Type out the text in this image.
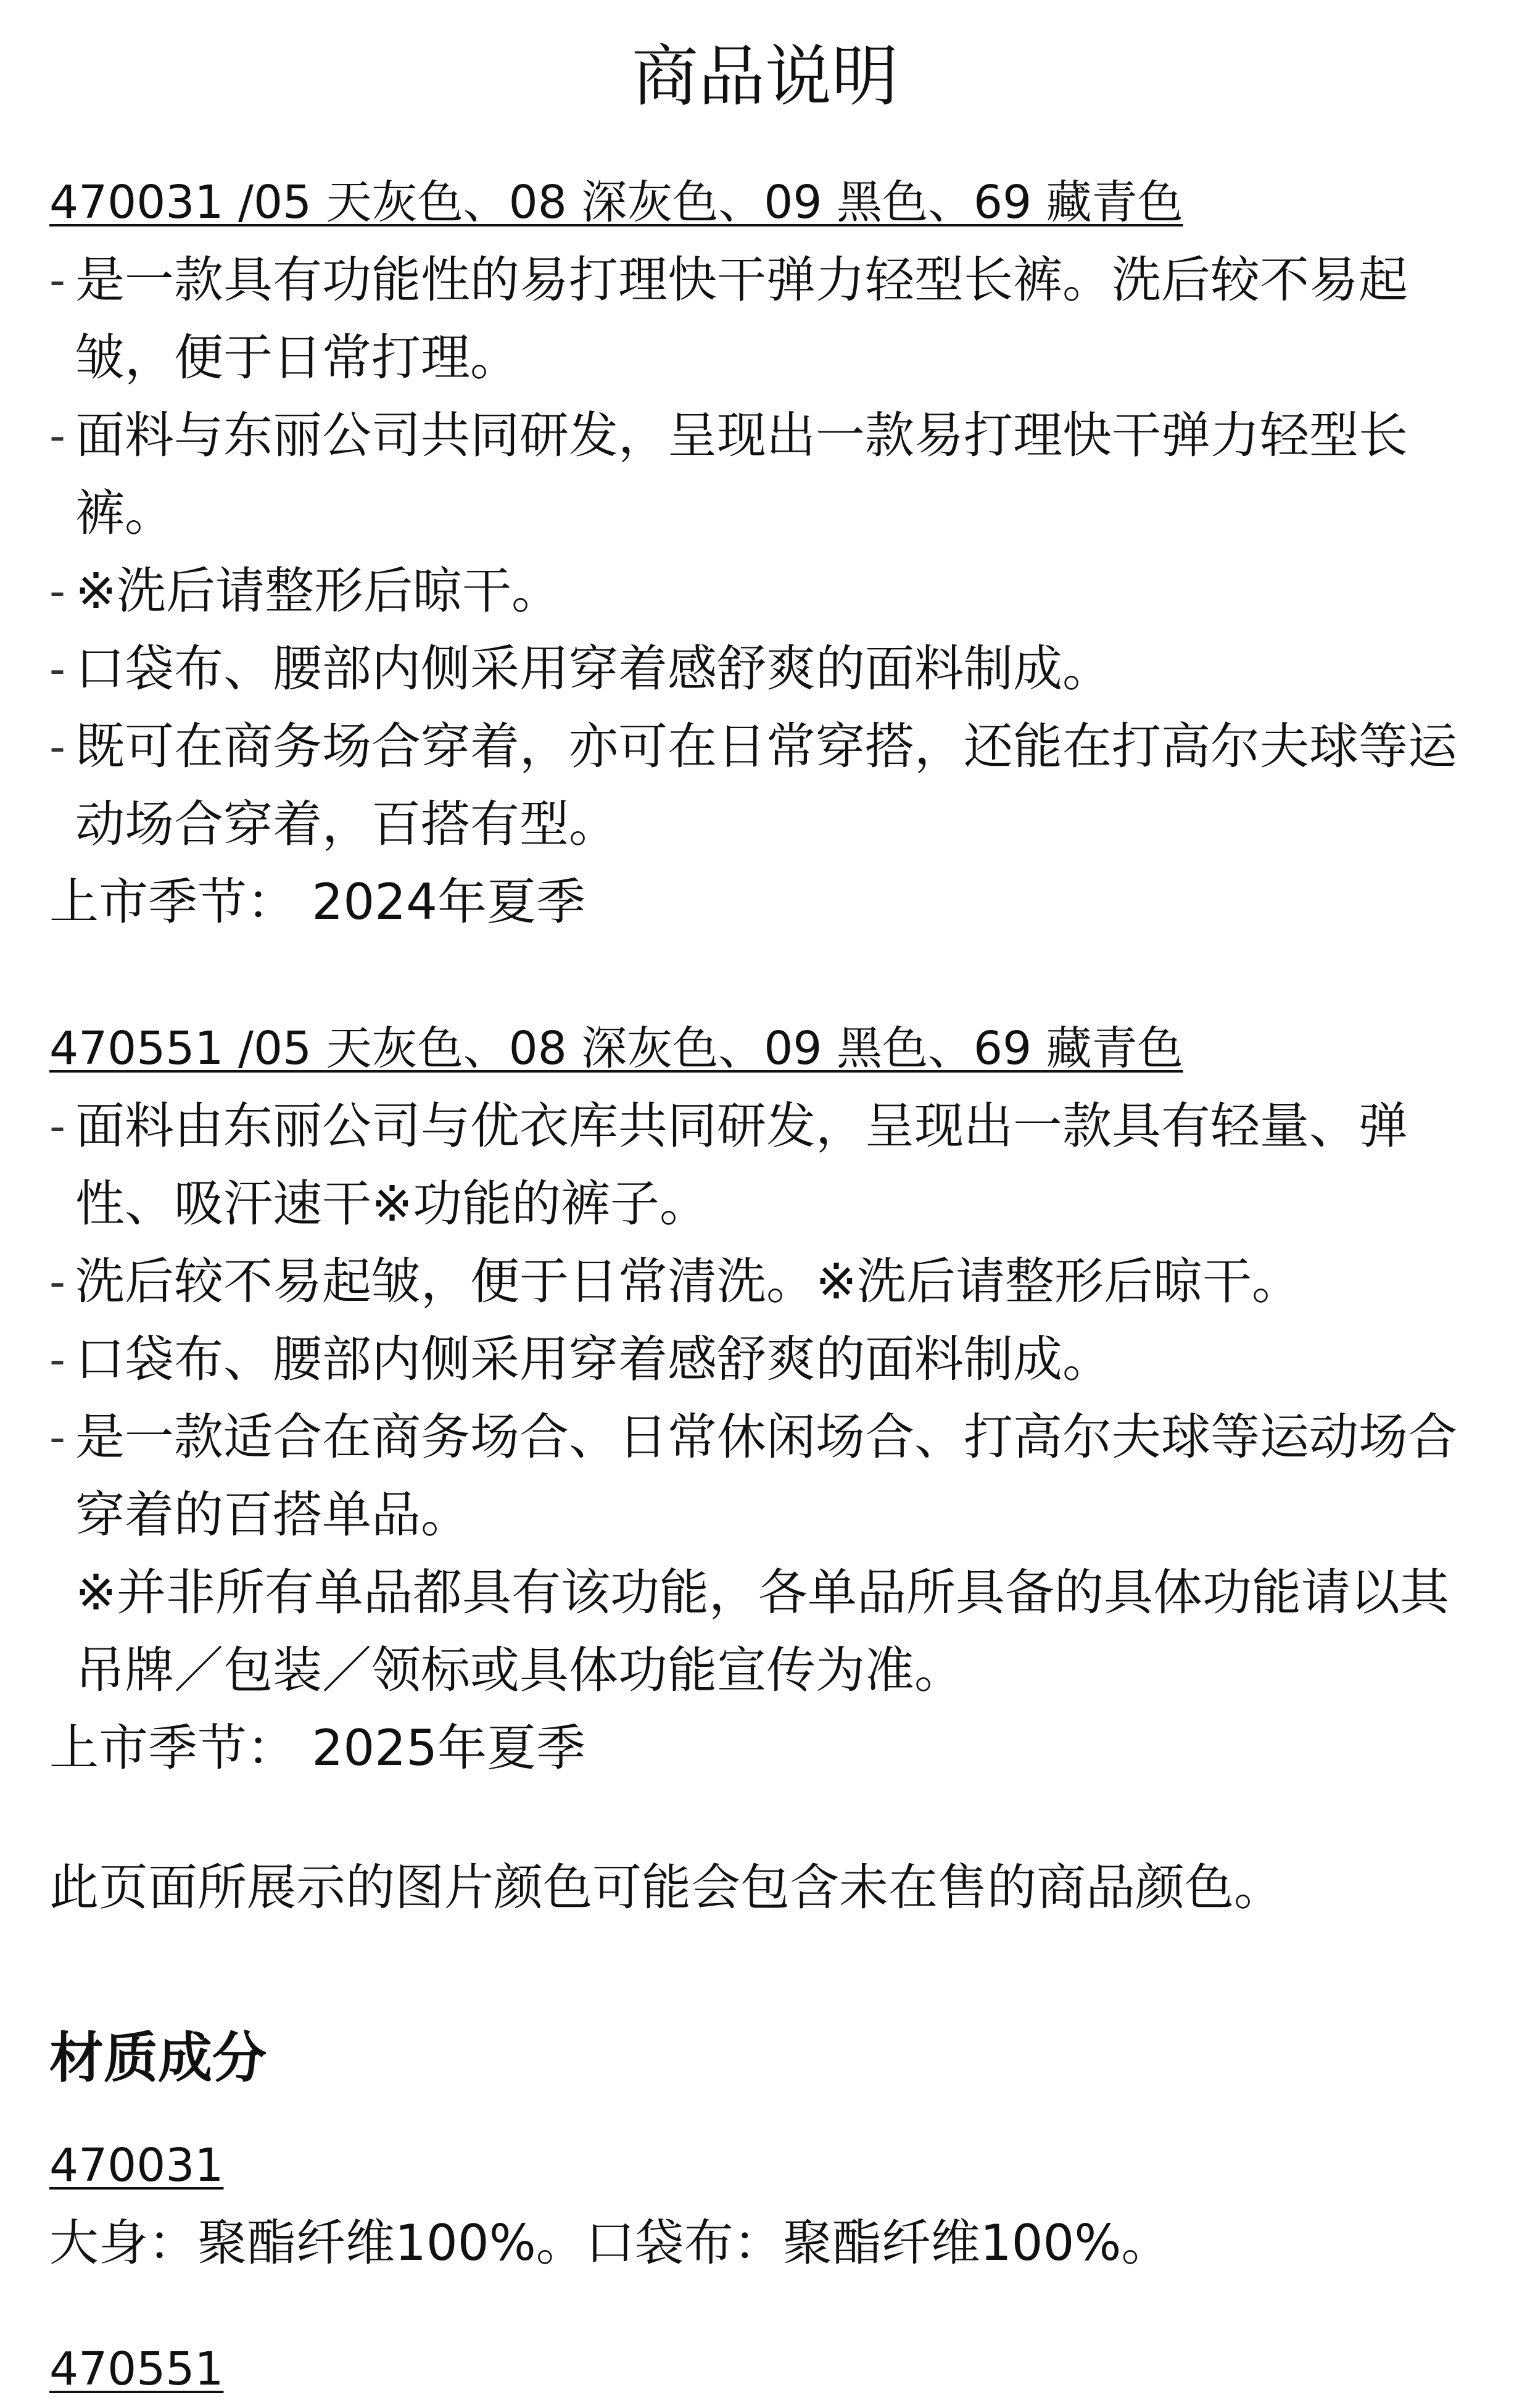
商品说明
470031 /05 天灰色、08 深灰色、09 黑色、69 藏青色
- 是一款具有功能性的易打理快干弹力轻型长裤。洗后较不易起皱，便于日常打理。
- 面料与东丽公司共同研发，呈现出一款易打理快干弹力轻型长裤。
- ※洗后请整形后晾干。
- 口袋布、腰部内侧采用穿着感舒爽的面料制成。
- 既可在商务场合穿着，亦可在日常穿搭，还能在打高尔夫球等运动场合穿着，百搭有型。
上市季节： 2024年夏季
470551 /05 天灰色、08 深灰色、09 黑色、69 藏青色
- 面料由东丽公司与优衣库共同研发，呈现出一款具有轻量、弹性、吸汗速干※功能的裤子。
- 洗后较不易起皱，便于日常清洗。※洗后请整形后晾干。
- 口袋布、腰部内侧采用穿着感舒爽的面料制成。
- 是一款适合在商务场合、日常休闲场合、打高尔夫球等运动场合穿着的百搭单品。
※并非所有单品都具有该功能，各单品所具备的具体功能请以其吊牌／包装／领标或具体功能宣传为准。
上市季节： 2025年夏季
此页面所展示的图片颜色可能会包含未在售的商品颜色。
材质成分
470031
大身：聚酯纤维100%。口袋布：聚酯纤维100%。
470551
